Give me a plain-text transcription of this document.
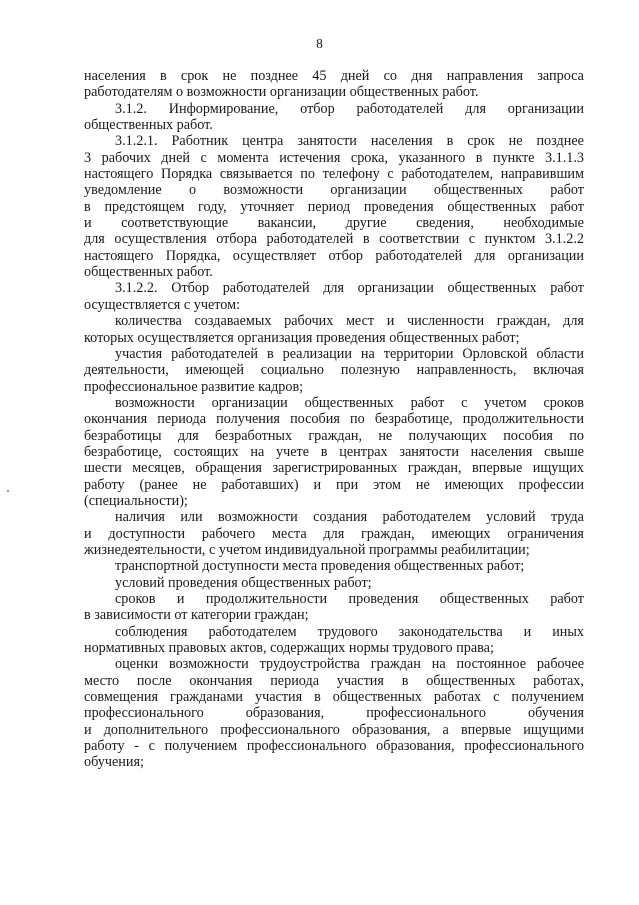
8

населения в срок не позднее 45 дней со дня направления запроса
работодателям о возможности организации общественных работ.

3.1.2. Информирование, отбор работодателей для организации
общественных работ.

3.1.2.1. Работник центра занятости населения в срок не позднее
3 рабочих дней с момента истечения срока, указанного в пункте 3.1.1.3
настоящего Порядка связывается по телефону с работодателем, направившим
уведомление о возможности организации общественных работ
в предстоящем году, уточняет период проведения общественных работ
и соответствующие вакансии, другие сведения, необходимые
для осуществления отбора работодателей в соответствии с пунктом 3.1.2.2
настоящего Порядка, осуществляет отбор работодателей для организации
общественных работ.

3.1.2.2. Отбор работодателей для организации общественных работ
осуществляется с учетом:

количества создаваемых рабочих мест и численности граждан, для
которых осуществляется организация проведения общественных работ;

участия работодателей в реализации на территории Орловской области
деятельности, имеющей социально полезную направленность, включая
профессиональное развитие кадров;

возможности организации общественных работ с учетом сроков
окончания периода получения пособия по безработице, продолжительности
безработицы для безработных граждан, не получающих пособия по
безработице, состоящих на учете в центрах занятости населения свыше
шести месяцев, обращения зарегистрированных граждан, впервые ищущих
работу (ранее не работавших) и при этом не имеющих профессии
(специальности);

наличия или возможности создания работодателем условий труда
и доступности рабочего места для граждан, имеющих ограничения
жизнедеятельности, с учетом индивидуальной программы реабилитации;

транспортной доступности места проведения общественных работ;

условий проведения общественных работ;

сроков и продолжительности проведения общественных работ
в зависимости от категории граждан;

соблюдения работодателем трудового законодательства и иных
нормативных правовых актов, содержащих нормы трудового права;

оценки возможности трудоустройства граждан на постоянное рабочее
место после окончания периода участия в общественных работах,
совмещения гражданами участия в общественных работах с получением
профессионального	образования,	профессионального	обучения
и дополнительного профессионального образования, а впервые ищущими
работу - с получением профессионального образования, профессионального
обучения;
